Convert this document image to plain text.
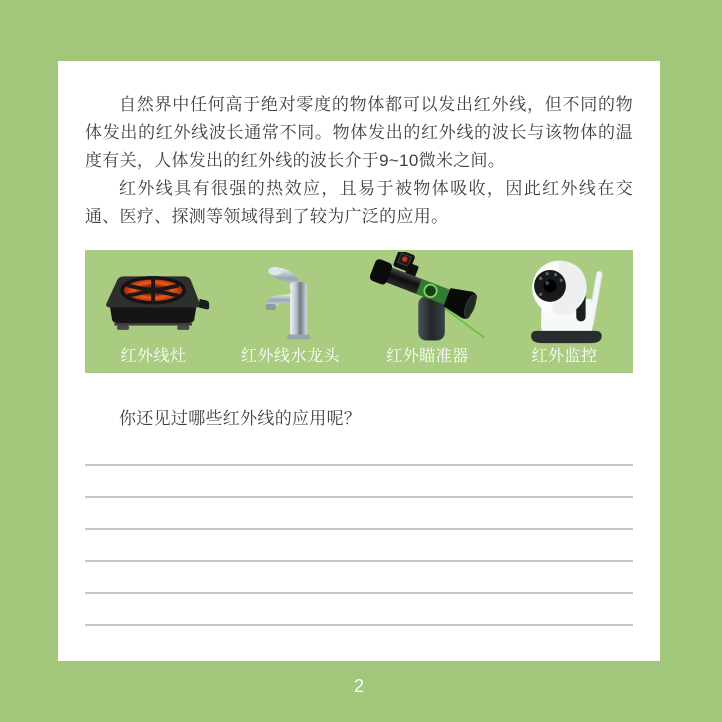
自然界中任何高于绝对零度的物体都可以发出红外线，但不同的物体发出的红外线波长通常不同。物体发出的红外线的波长与该物体的温度有关，人体发出的红外线的波长介于9~10微米之间。

红外线具有很强的热效应，且易于被物体吸收，因此红外线在交通、医疗、探测等领域得到了较为广泛的应用。

红外线灶	红外线水龙头	红外瞄准器	红外监控

你还见过哪些红外线的应用呢？

2
